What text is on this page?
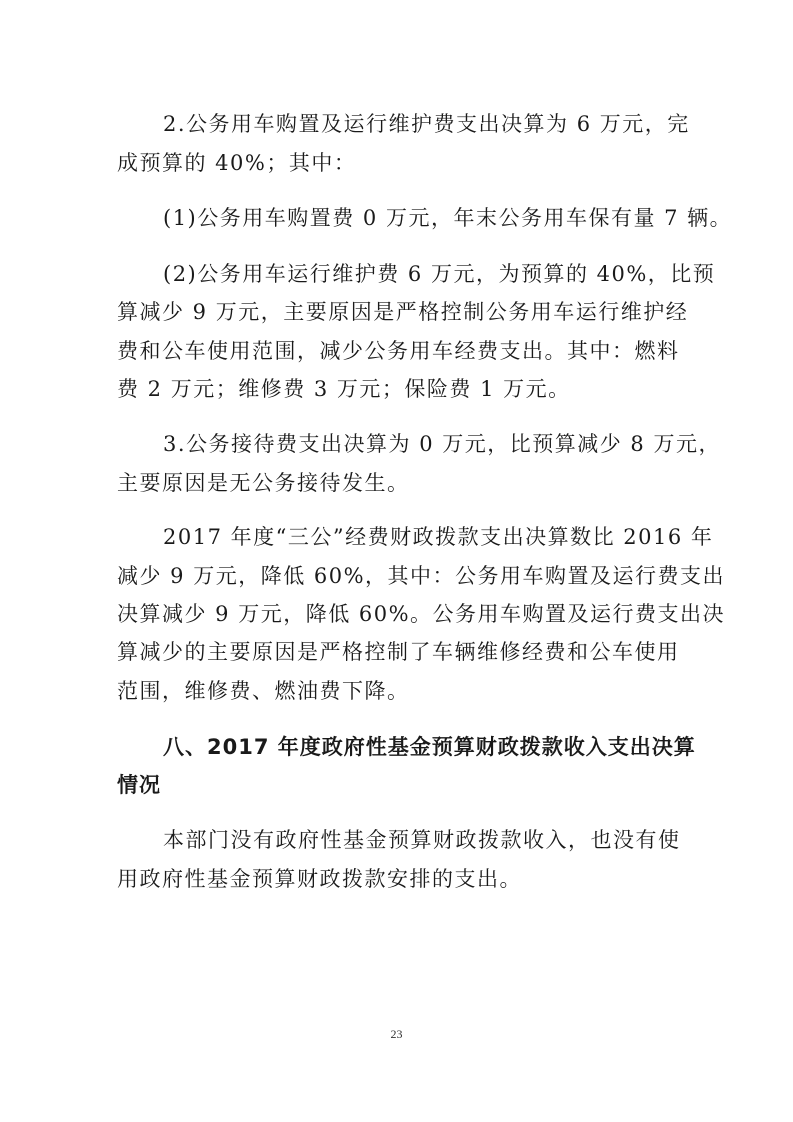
2.公务用车购置及运行维护费支出决算为 6 万元，完
成预算的 40%；其中：
(1)公务用车购置费 0 万元，年末公务用车保有量 7 辆。
(2)公务用车运行维护费 6 万元，为预算的 40%，比预
算减少 9 万元，主要原因是严格控制公务用车运行维护经
费和公车使用范围，减少公务用车经费支出。其中：燃料
费 2 万元；维修费 3 万元；保险费 1 万元。
3.公务接待费支出决算为 0 万元，比预算减少 8 万元，
主要原因是无公务接待发生。
2017 年度“三公”经费财政拨款支出决算数比 2016 年
减少 9 万元，降低 60%，其中：公务用车购置及运行费支出
决算减少 9 万元，降低 60%。公务用车购置及运行费支出决
算减少的主要原因是严格控制了车辆维修经费和公车使用
范围，维修费、燃油费下降。
八、2017 年度政府性基金预算财政拨款收入支出决算
情况
本部门没有政府性基金预算财政拨款收入，也没有使
用政府性基金预算财政拨款安排的支出。
23
